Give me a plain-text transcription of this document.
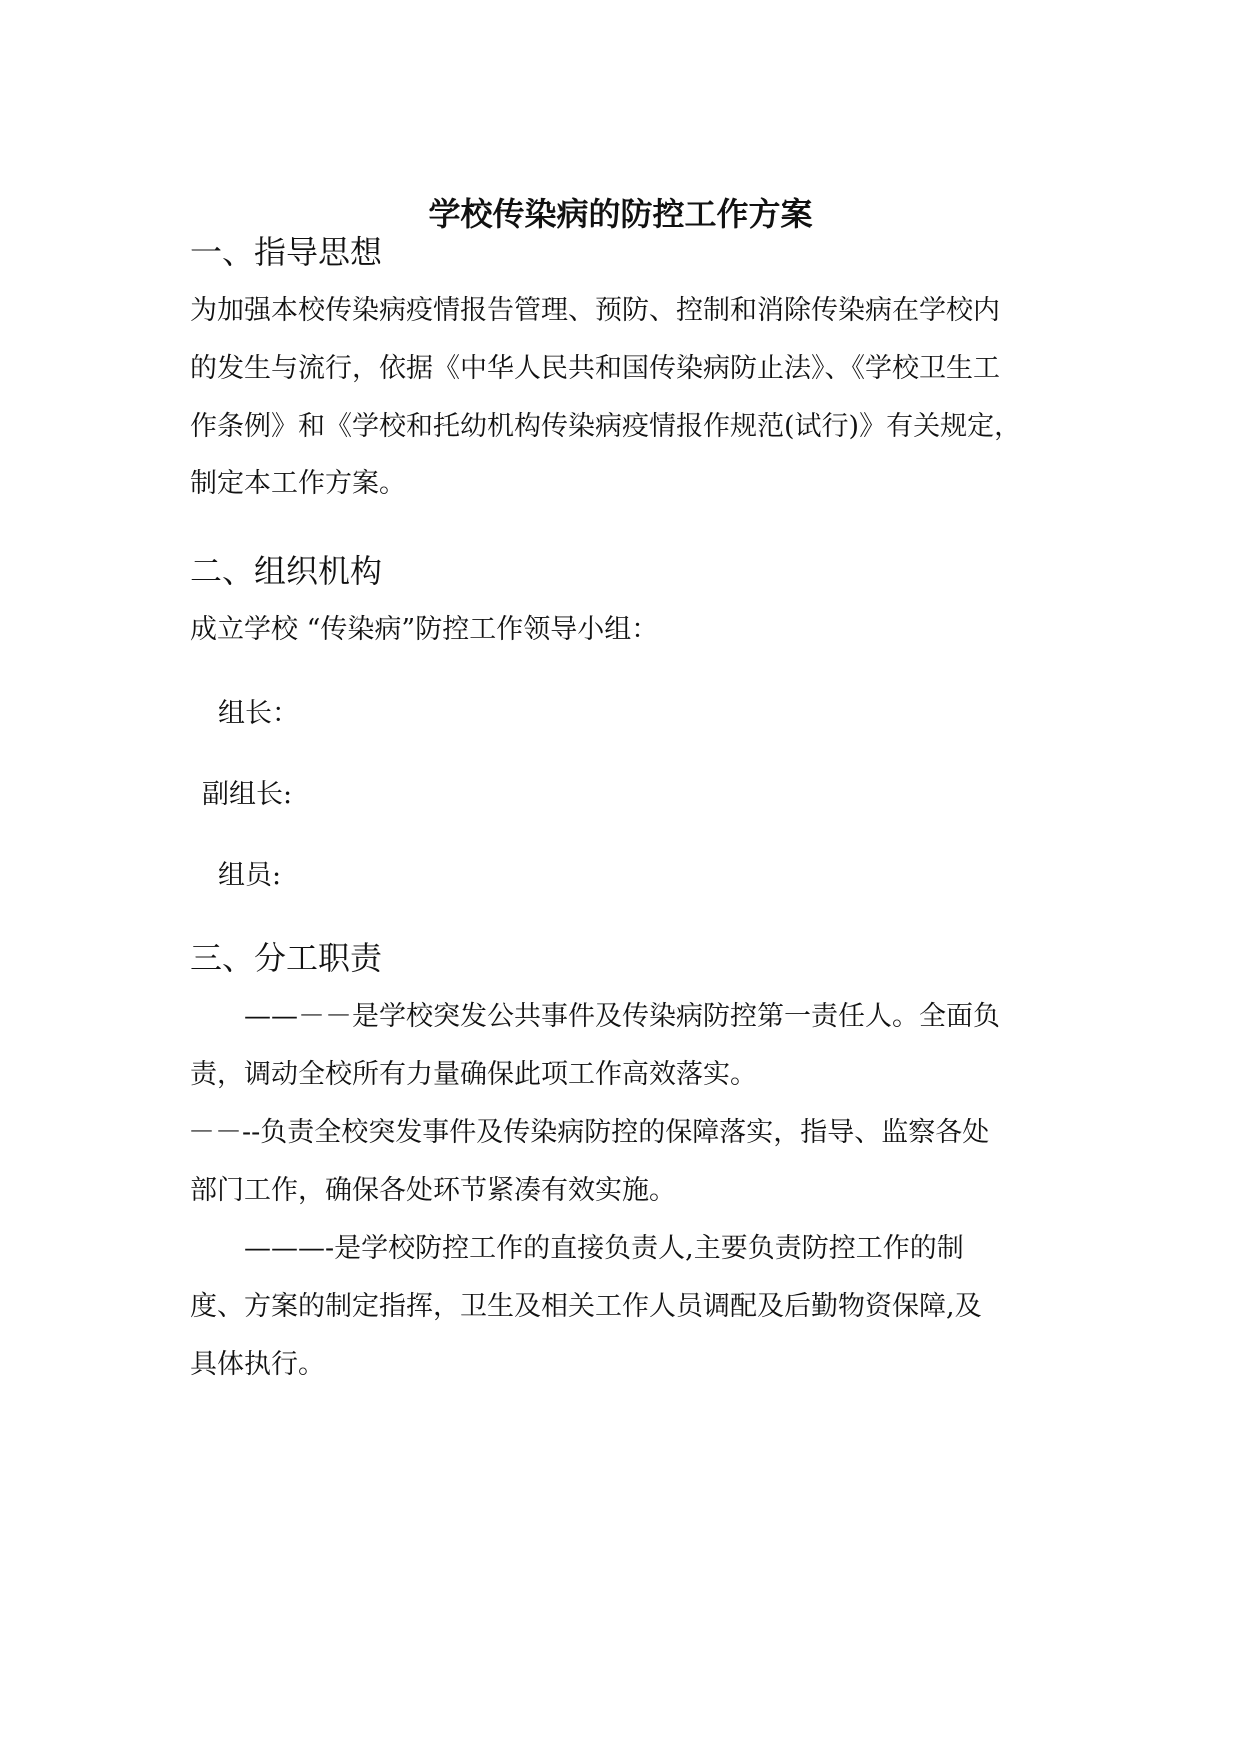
学校传染病的防控工作方案
一、指导思想
为加强本校传染病疫情报告管理、预防、控制和消除传染病在学校内
的发生与流行，依据《中华人民共和国传染病防止法》、《学校卫生工
作条例》和《学校和托幼机构传染病疫情报作规范(试行)》有关规定，
制定本工作方案。
二、组织机构
成立学校 “传染病”防控工作领导小组：
组长：
副组长:
组员:
三、分工职责
——－－是学校突发公共事件及传染病防控第一责任人。全面负
责，调动全校所有力量确保此项工作高效落实。
－－--负责全校突发事件及传染病防控的保障落实，指导、监察各处
部门工作，确保各处环节紧凑有效实施。
———-是学校防控工作的直接负责人,主要负责防控工作的制
度、方案的制定指挥，卫生及相关工作人员调配及后勤物资保障,及
具体执行。
